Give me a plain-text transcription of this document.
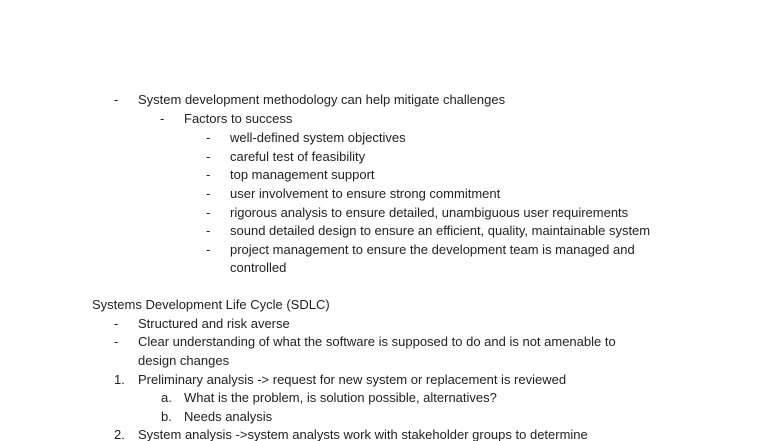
- System development methodology can help mitigate challenges
- Factors to success
- well-defined system objectives
- careful test of feasibility
- top management support
- user involvement to ensure strong commitment
- rigorous analysis to ensure detailed, unambiguous user requirements
- sound detailed design to ensure an efficient, quality, maintainable system
- project management to ensure the development team is managed and
controlled
Systems Development Life Cycle (SDLC)
- Structured and risk averse
- Clear understanding of what the software is supposed to do and is not amenable to
design changes
1. Preliminary analysis -> request for new system or replacement is reviewed
a. What is the problem, is solution possible, alternatives?
b. Needs analysis
2. System analysis ->system analysts work with stakeholder groups to determine
